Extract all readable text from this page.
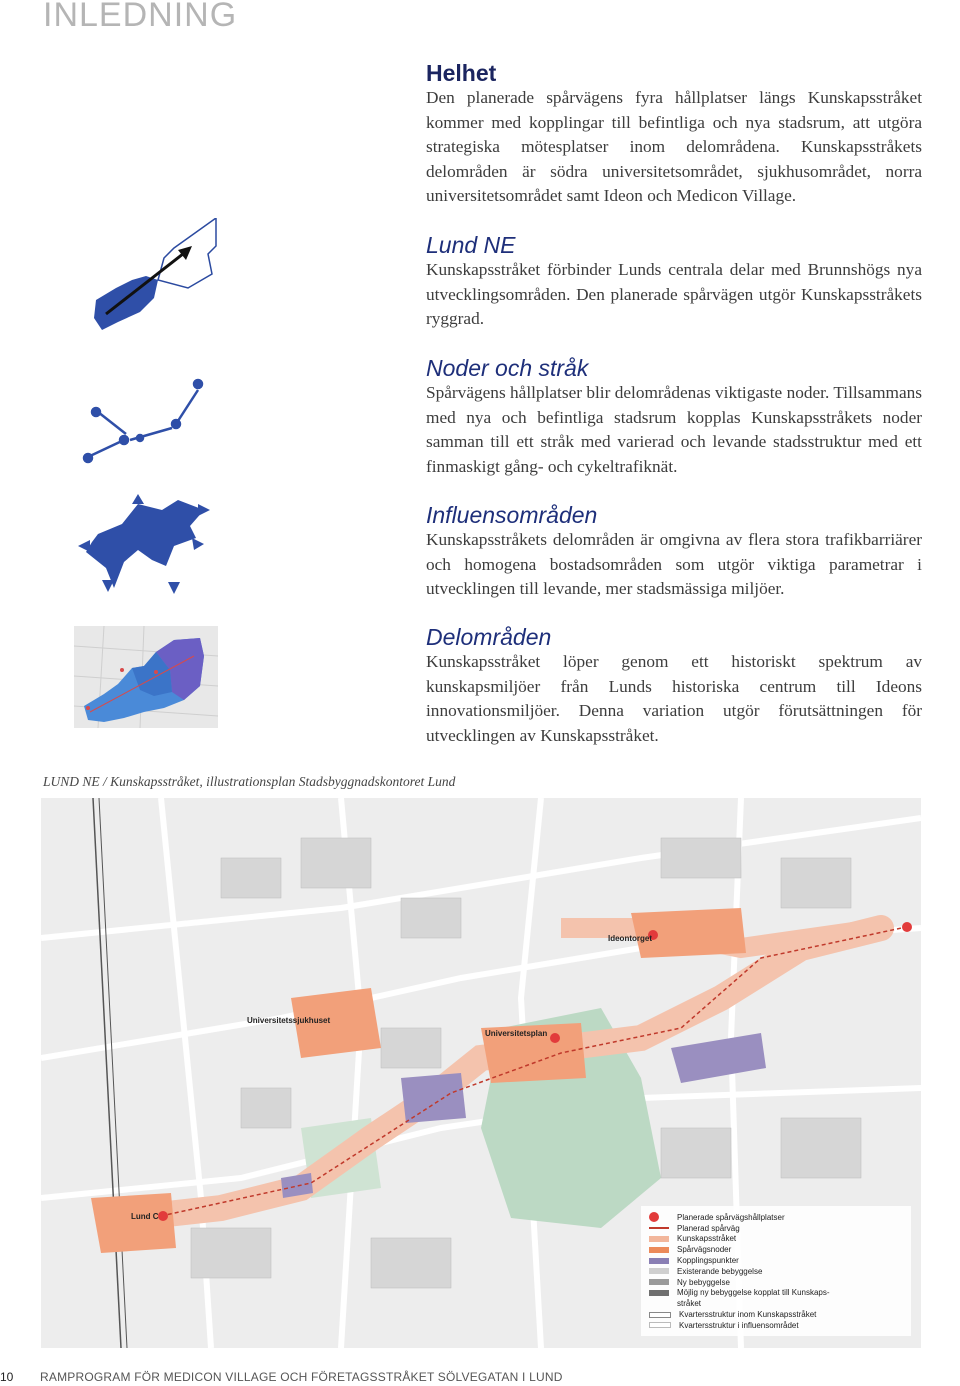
INLEDNING
Helhet

Den planerade spårvägens fyra hållplatser längs Kunskapsstråket kommer med kopplingar till befintliga och nya stadsrum, att utgöra strategiska mötesplatser inom delområdena. Kunskapsstråkets delområden är södra universitetsområdet, sjukhusområdet, norra universitetsområdet samt Ideon och Medicon Village.

Lund NE

Kunskapsstråket förbinder Lunds centrala delar med Brunnshögs nya utvecklingsområden. Den planerade spårvägen utgör Kunskapsstråkets ryggrad.

Noder och stråk

Spårvägens hållplatser blir delområdenas viktigaste noder. Tillsammans med nya och befintliga stadsrum kopplas Kunskapsstråkets noder samman till ett stråk med varierad och levande stadsstruktur med ett finmaskigt gång- och cykeltrafiknät.

Influensområden

Kunskapsstråkets delområden är omgivna av flera stora trafikbarriärer och homogena bostadsområden som utgör viktiga parametrar i utvecklingen till levande, mer stadsmässiga miljöer.

Delområden

Kunskapsstråket löper genom ett historiskt spektrum av kunskapsmiljöer från Lunds historiska centrum till Ideons innovationsmiljöer. Denna variation utgör förutsättningen för utvecklingen av Kunskapsstråket.

LUND NE / Kunskapsstråket, illustrationsplan Stadsbyggnadskontoret Lund
Ideontorget
Universitetssjukhuset
Universitetsplan
Lund C	Planerade spårvägshållplatser
Planerad spårväg
Kunskapsstråket
Spårvägsnoder
Kopplingspunkter
Existerande bebyggelse
Ny bebyggelse
Möjlig ny bebyggelse kopplat till Kunskaps-
stråket
Kvartersstruktur inom Kunskapsstråket
Kvartersstruktur i influensområdet
10 RAMPROGRAM FÖR MEDICON VILLAGE OCH FÖRETAGSSTRÅKET SÖLVEGATAN I LUND
